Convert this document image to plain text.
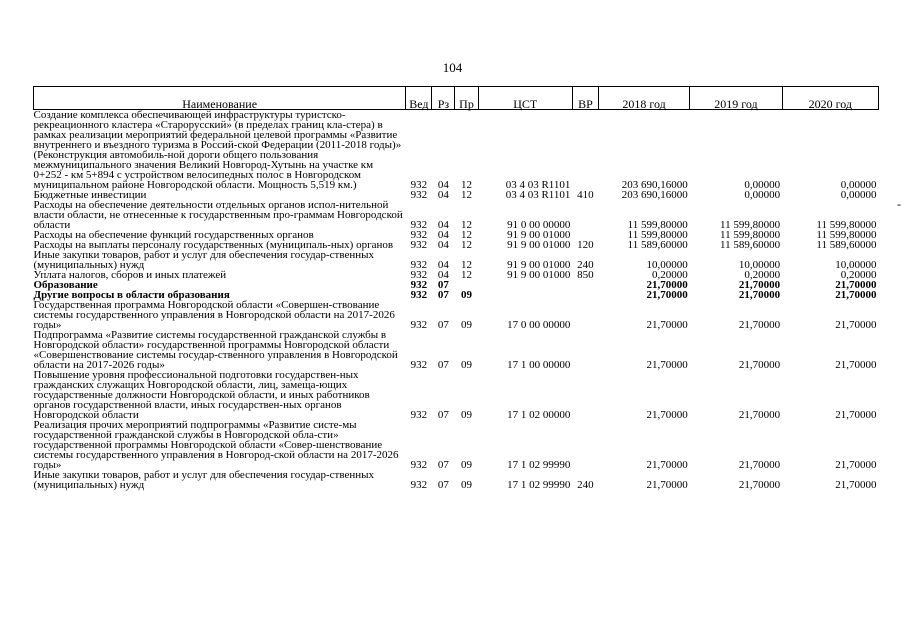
104
Наименование	Вед	Рз	Пр	ЦСТ	ВР	2018 год	2019 год	2020 год
Создание комплекса обеспечивающей инфраструктуры туристско-рекреационного кластера «Старорусский» (в пределах границ кла-стера) в рамках реализации мероприятий федеральной целевой программы «Развитие внутреннего и въездного туризма в Россий-ской Федерации (2011-2018 годы)» (Реконструкция автомобиль-ной дороги общего пользования межмуниципального значения Великий Новгород-Хутынь на участке км 0+252 - км 5+894 с устройством велосипедных полос в Новгородском муниципальном районе Новгородской области. Мощность 5,519 км.)	932	04	12	03 4 03 R1101		203 690,16000	0,00000	0,00000
Бюджетные инвестиции	932	04	12	03 4 03 R1101	410	203 690,16000	0,00000	0,00000
Расходы на обеспечение деятельности отдельных органов испол-нительной власти области, не отнесенные к государственным про-граммам Новгородской области	932	04	12	91 0 00 00000		11 599,80000	11 599,80000	11 599,80000
Расходы на обеспечение функций государственных органов	932	04	12	91 9 00 01000		11 599,80000	11 599,80000	11 599,80000
Расходы на выплаты персоналу государственных (муниципаль-ных) органов	932	04	12	91 9 00 01000	120	11 589,60000	11 589,60000	11 589,60000
Иные закупки товаров, работ и услуг для обеспечения государ-ственных (муниципальных) нужд	932	04	12	91 9 00 01000	240	10,00000	10,00000	10,00000
Уплата налогов, сборов и иных платежей	932	04	12	91 9 00 01000	850	0,20000	0,20000	0,20000
Образование	932	07				21,70000	21,70000	21,70000
Другие вопросы в области образования	932	07	09			21,70000	21,70000	21,70000
Государственная программа Новгородской области «Совершен-ствование системы государственного управления в Новгородской области на 2017-2026 годы»	932	07	09	17 0 00 00000		21,70000	21,70000	21,70000
Подпрограмма «Развитие системы государственной гражданской службы в Новгородской области» государственной программы Новгородской области «Совершенствование системы государ-ственного управления в Новгородской области на 2017-2026 годы»	932	07	09	17 1 00 00000		21,70000	21,70000	21,70000
Повышение уровня профессиональной подготовки государствен-ных гражданских служащих Новгородской области, лиц, замеща-ющих государственные должности Новгородской области, и иных работников органов государственной власти, иных государствен-ных органов Новгородской области	932	07	09	17 1 02 00000		21,70000	21,70000	21,70000
Реализация прочих мероприятий подпрограммы «Развитие систе-мы государственной гражданской службы в Новгородской обла-сти» государственной программы Новгородской области «Совер-шенствование системы государственного управления в Новгород-ской области на 2017-2026 годы»	932	07	09	17 1 02 99990		21,70000	21,70000	21,70000
Иные закупки товаров, работ и услуг для обеспечения государ-ственных (муниципальных) нужд	932	07	09	17 1 02 99990	240	21,70000	21,70000	21,70000
-
